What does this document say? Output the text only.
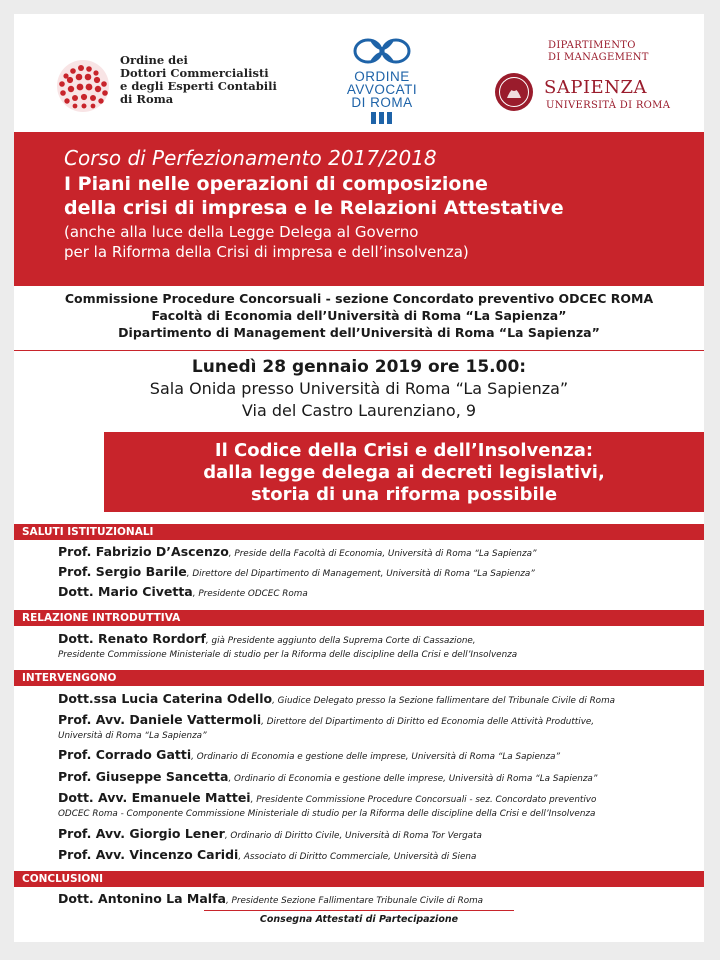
Ordine dei
Dottori Commercialisti
e degli Esperti Contabili
di Roma
ORDINE
AVVOCATI
DI ROMA
DIPARTIMENTO
DI MANAGEMENT
SAPIENZA
UNIVERSITÀ DI ROMA
Corso di Perfezionamento 2017/2018
I Piani nelle operazioni di composizione
della crisi di impresa e le Relazioni Attestative
(anche alla luce della Legge Delega al Governo
per la Riforma della Crisi di impresa e dell’insolvenza)
Commissione Procedure Concorsuali - sezione Concordato preventivo ODCEC ROMA
Facoltà di Economia dell’Università di Roma “La Sapienza”
Dipartimento di Management dell’Università di Roma “La Sapienza”
Lunedì 28 gennaio 2019 ore 15.00:
Sala Onida presso Università di Roma “La Sapienza”
Via del Castro Laurenziano, 9
Il Codice della Crisi e dell’Insolvenza:
dalla legge delega ai decreti legislativi,
storia di una riforma possibile
SALUTI ISTITUZIONALI
Prof. Fabrizio D’Ascenzo, Preside della Facoltà di Economia, Università di Roma “La Sapienza”
Prof. Sergio Barile, Direttore del Dipartimento di Management, Università di Roma “La Sapienza”
Dott. Mario Civetta, Presidente ODCEC Roma
RELAZIONE INTRODUTTIVA
Dott. Renato Rordorf, già Presidente aggiunto della Suprema Corte di Cassazione,
Presidente Commissione Ministeriale di studio per la Riforma delle discipline della Crisi e dell’Insolvenza
INTERVENGONO
Dott.ssa Lucia Caterina Odello, Giudice Delegato presso la Sezione fallimentare del Tribunale Civile di Roma
Prof. Avv. Daniele Vattermoli, Direttore del Dipartimento di Diritto ed Economia delle Attività Produttive,
Università di Roma “La Sapienza”
Prof. Corrado Gatti, Ordinario di Economia e gestione delle imprese, Università di Roma “La Sapienza”
Prof. Giuseppe Sancetta, Ordinario di Economia e gestione delle imprese, Università di Roma “La Sapienza”
Dott. Avv. Emanuele Mattei, Presidente Commissione Procedure Concorsuali - sez. Concordato preventivo
ODCEC Roma - Componente Commissione Ministeriale di studio per la Riforma delle discipline della Crisi e dell’Insolvenza
Prof. Avv. Giorgio Lener, Ordinario di Diritto Civile, Università di Roma Tor Vergata
Prof. Avv. Vincenzo Caridi, Associato di Diritto Commerciale, Università di Siena
CONCLUSIONI
Dott. Antonino La Malfa, Presidente Sezione Fallimentare Tribunale Civile di Roma
Consegna Attestati di Partecipazione
